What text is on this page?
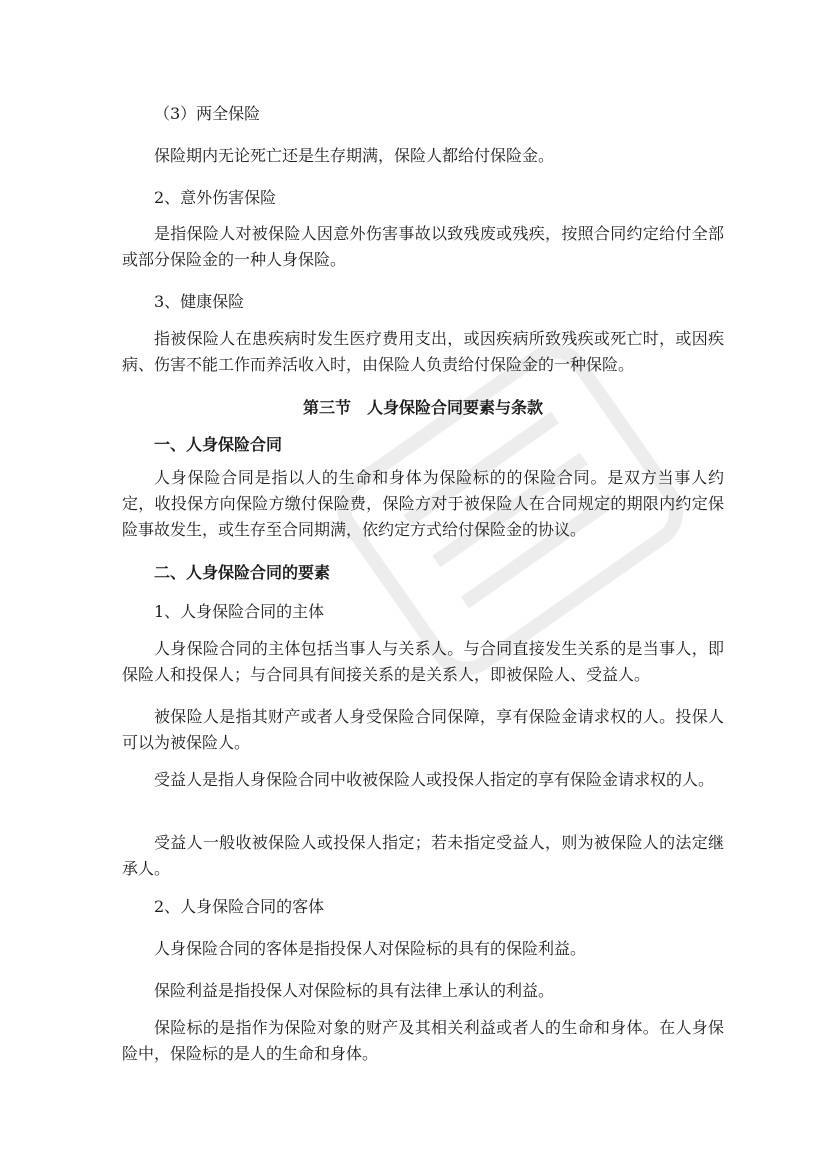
（3）两全保险

保险期内无论死亡还是生存期满，保险人都给付保险金。

2、意外伤害保险

是指保险人对被保险人因意外伤害事故以致残废或残疾，按照合同约定给付全部或部分保险金的一种人身保险。

3、健康保险

指被保险人在患疾病时发生医疗费用支出，或因疾病所致残疾或死亡时，或因疾病、伤害不能工作而养活收入时，由保险人负责给付保险金的一种保险。

第三节　人身保险合同要素与条款

一、人身保险合同

人身保险合同是指以人的生命和身体为保险标的的保险合同。是双方当事人约定，收投保方向保险方缴付保险费，保险方对于被保险人在合同规定的期限内约定保险事故发生，或生存至合同期满，依约定方式给付保险金的协议。

二、人身保险合同的要素

1、人身保险合同的主体

人身保险合同的主体包括当事人与关系人。与合同直接发生关系的是当事人，即保险人和投保人；与合同具有间接关系的是关系人，即被保险人、受益人。

被保险人是指其财产或者人身受保险合同保障，享有保险金请求权的人。投保人可以为被保险人。

受益人是指人身保险合同中收被保险人或投保人指定的享有保险金请求权的人。

受益人一般收被保险人或投保人指定；若未指定受益人，则为被保险人的法定继承人。

2、人身保险合同的客体

人身保险合同的客体是指投保人对保险标的具有的保险利益。

保险利益是指投保人对保险标的具有法律上承认的利益。

保险标的是指作为保险对象的财产及其相关利益或者人的生命和身体。在人身保险中，保险标的是人的生命和身体。
